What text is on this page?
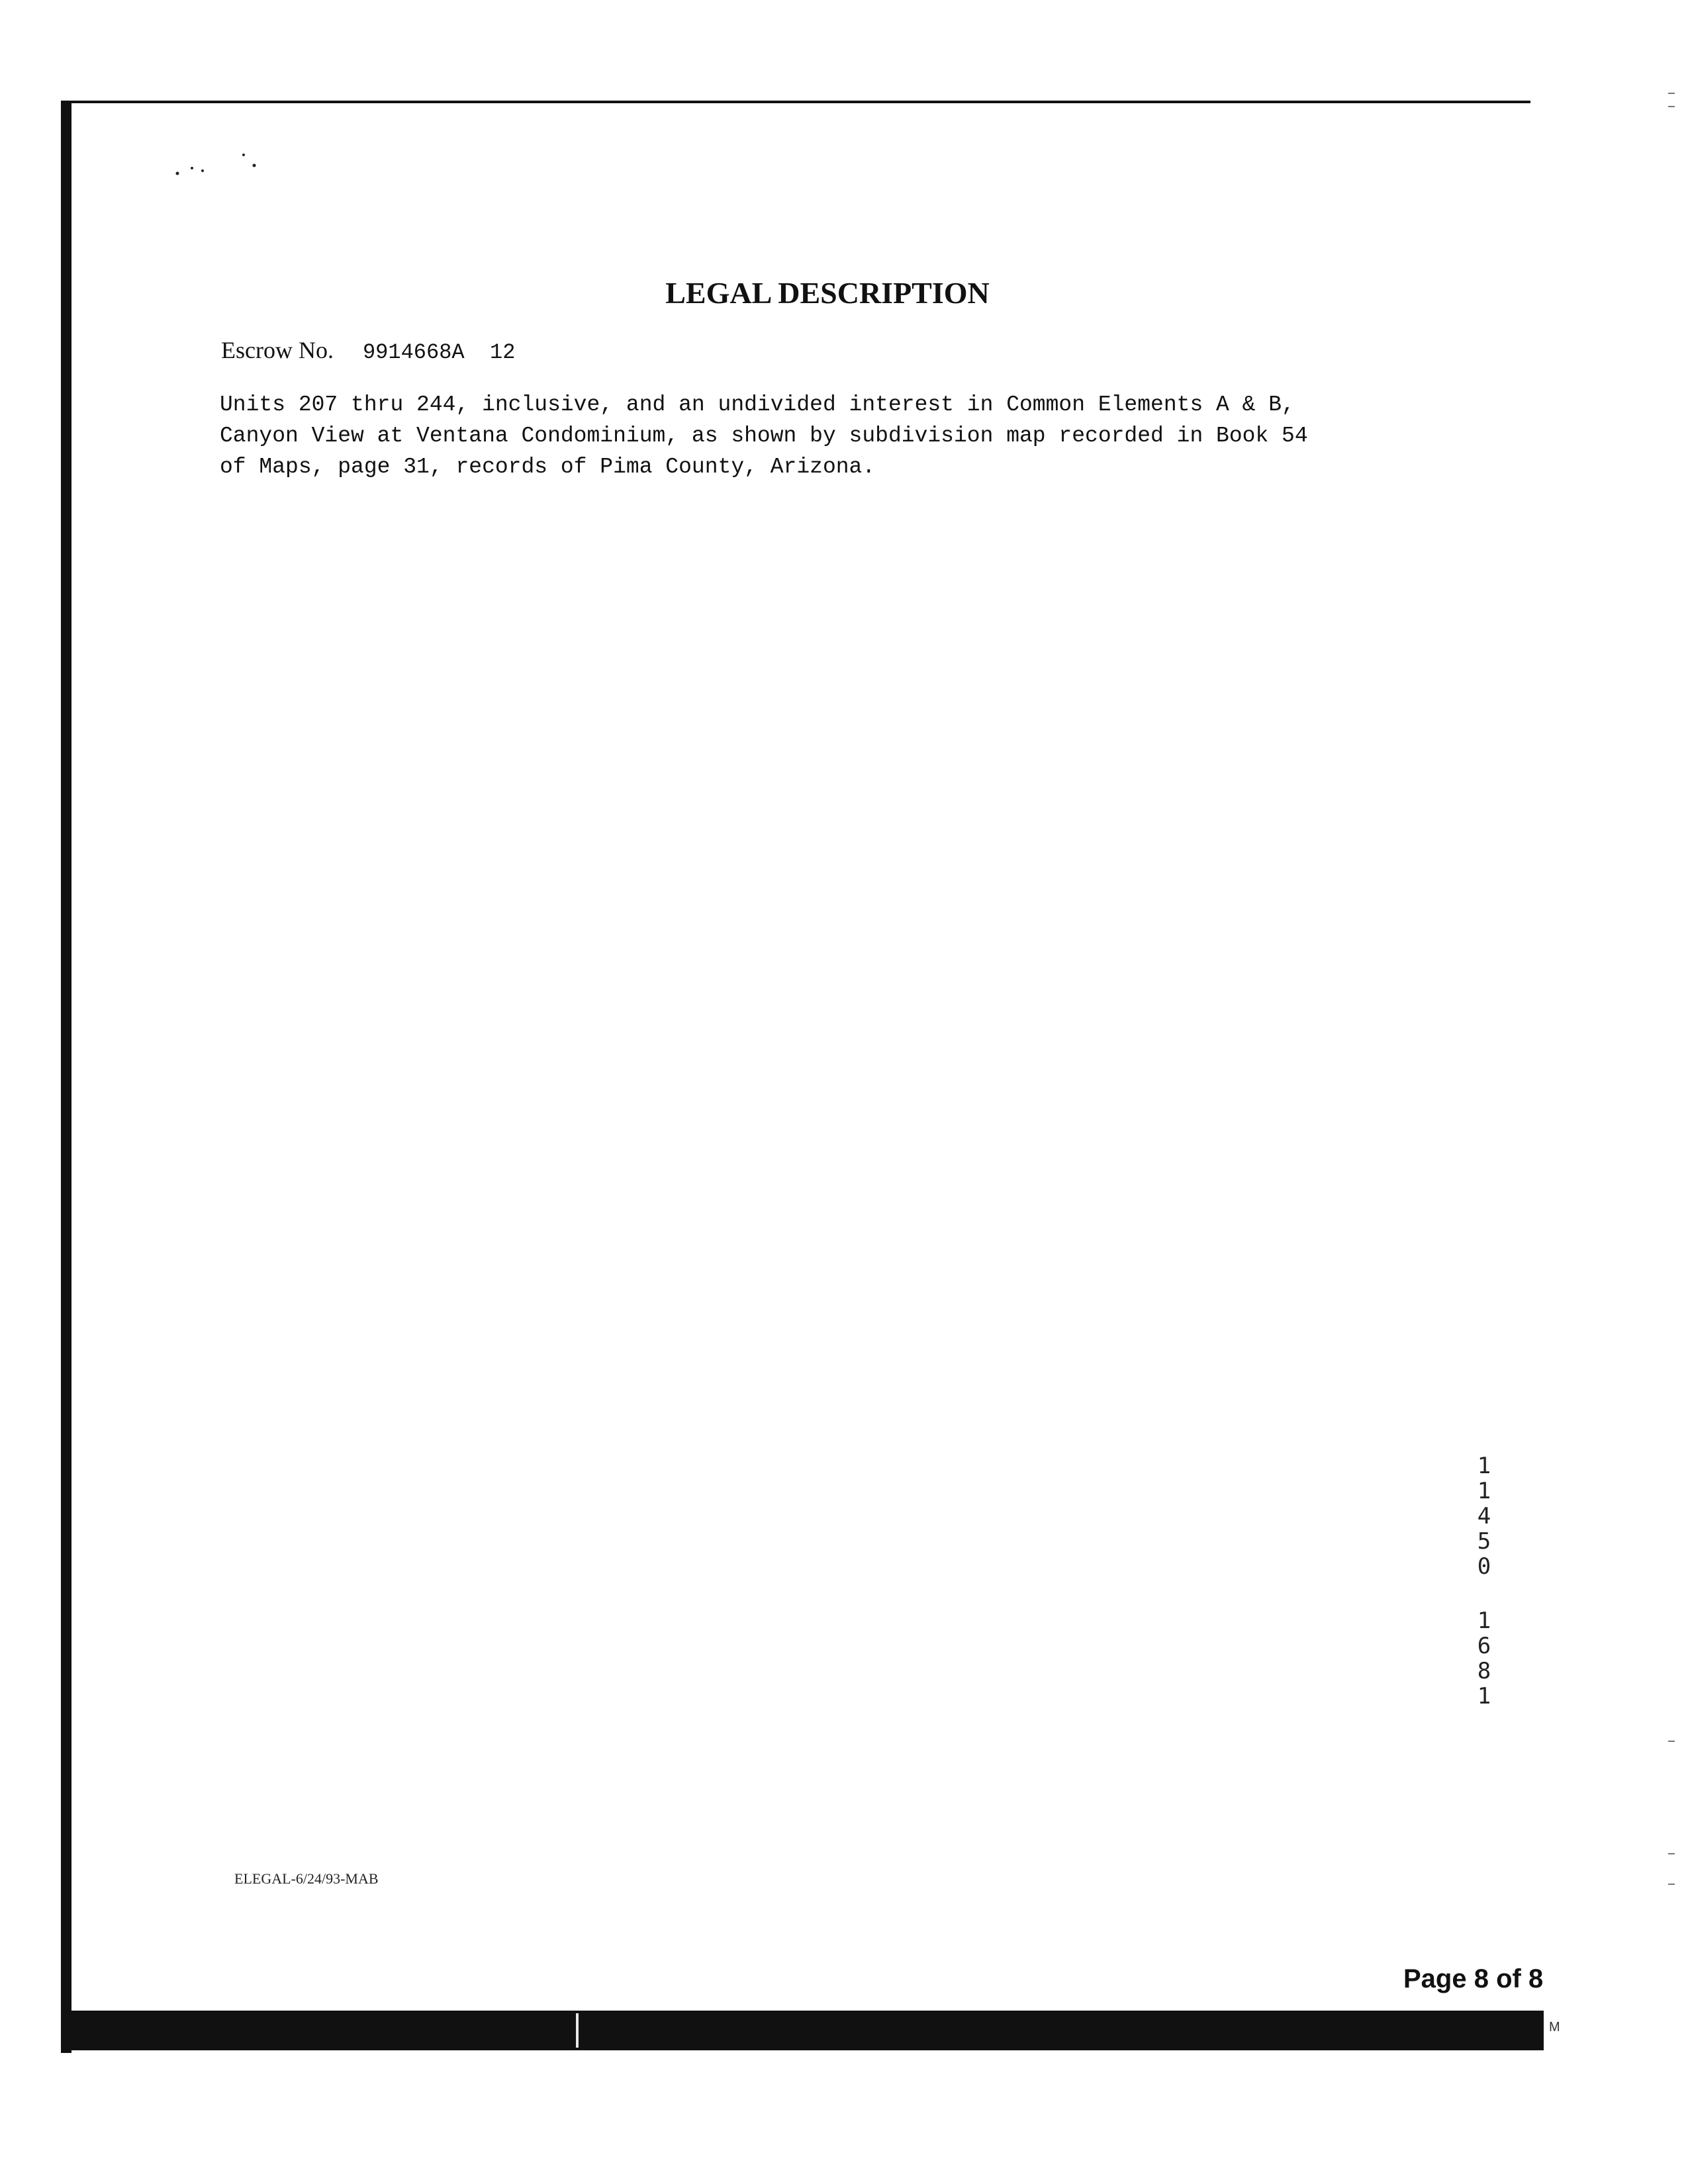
M
LEGAL DESCRIPTION
Escrow No. 9914668A  12
Units 207 thru 244, inclusive, and an undivided interest in Common Elements A & B,
Canyon View at Ventana Condominium, as shown by subdivision map recorded in Book 54
of Maps, page 31, records of Pima County, Arizona.
1
1
4
5
0
1
6
8
1
ELEGAL-6/24/93-MAB
Page 8 of 8
